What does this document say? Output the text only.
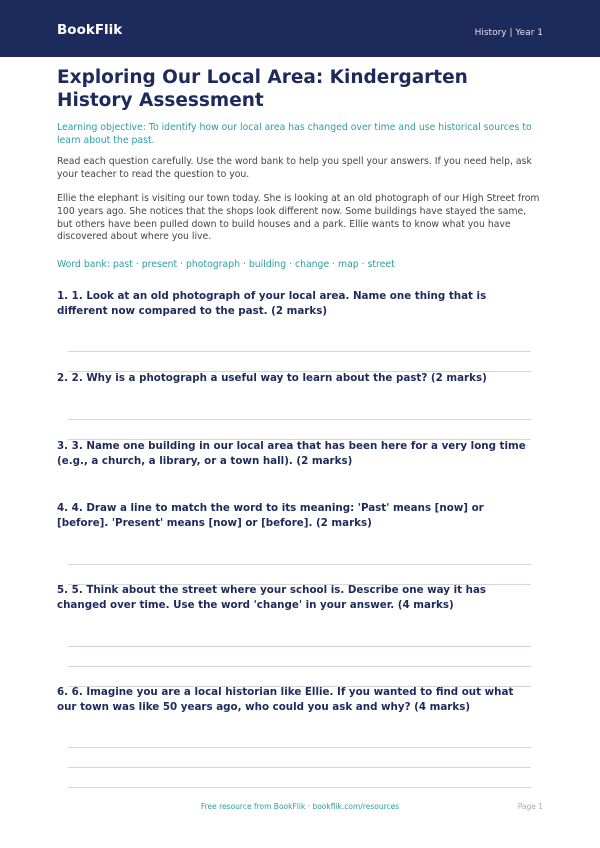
BookFlik	History | Year 1
Exploring Our Local Area: Kindergarten History Assessment
Learning objective: To identify how our local area has changed over time and use historical sources to learn about the past.
Read each question carefully. Use the word bank to help you spell your answers. If you need help, ask your teacher to read the question to you.
Ellie the elephant is visiting our town today. She is looking at an old photograph of our High Street from 100 years ago. She notices that the shops look different now. Some buildings have stayed the same, but others have been pulled down to build houses and a park. Ellie wants to know what you have discovered about where you live.
Word bank: past · present · photograph · building · change · map · street
1. 1. Look at an old photograph of your local area. Name one thing that is different now compared to the past. (2 marks)
2. 2. Why is a photograph a useful way to learn about the past? (2 marks)
3. 3. Name one building in our local area that has been here for a very long time (e.g., a church, a library, or a town hall). (2 marks)
4. 4. Draw a line to match the word to its meaning: 'Past' means [now] or [before]. 'Present' means [now] or [before]. (2 marks)
5. 5. Think about the street where your school is. Describe one way it has changed over time. Use the word 'change' in your answer. (4 marks)
6. 6. Imagine you are a local historian like Ellie. If you wanted to find out what our town was like 50 years ago, who could you ask and why? (4 marks)
Free resource from BookFlik · bookflik.com/resources	Page 1
